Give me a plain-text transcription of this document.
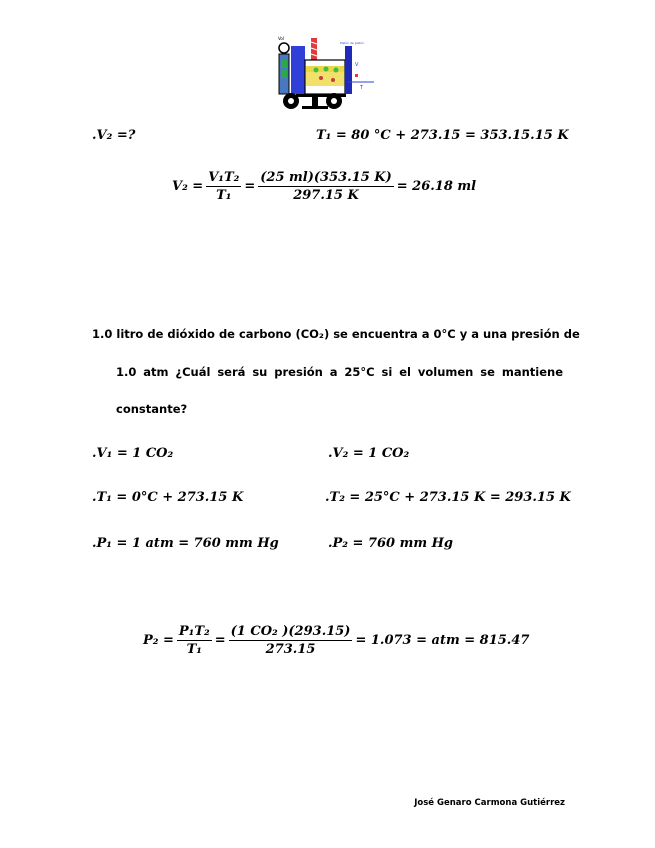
Vol
V
T
Piston de pistón
.V₂ =?	T₁ = 80 °C + 273.15 = 353.15.15 K
$V_2 = \frac{\text{V₁T₂}}{\text{T₁}} = \frac{(25 ml)(353.15 K)}{297.15 K} = 26.18$ ml
1.0 litro de dióxido de carbono (CO₂) se encuentra a 0°C y a una presión de
1.0 atm ¿Cuál será su presión a 25°C si el volumen se mantiene
constante?
.V₁ = 1 CO₂	.V₂ = 1 CO₂
.T₁ = 0°C + 273.15 K	.T₂ = 25°C + 273.15 K = 293.15 K
.P₁ = 1 atm = 760 mm Hg	.P₂ = 760 mm Hg
$P_2 = \frac{\text{P₁T₂}}{\text{T₁}} = \frac{\text{(1 CO₂ )(293.15)}}{273.15} = 1.073$ = atm = 815.47
José Genaro Carmona Gutiérrez
